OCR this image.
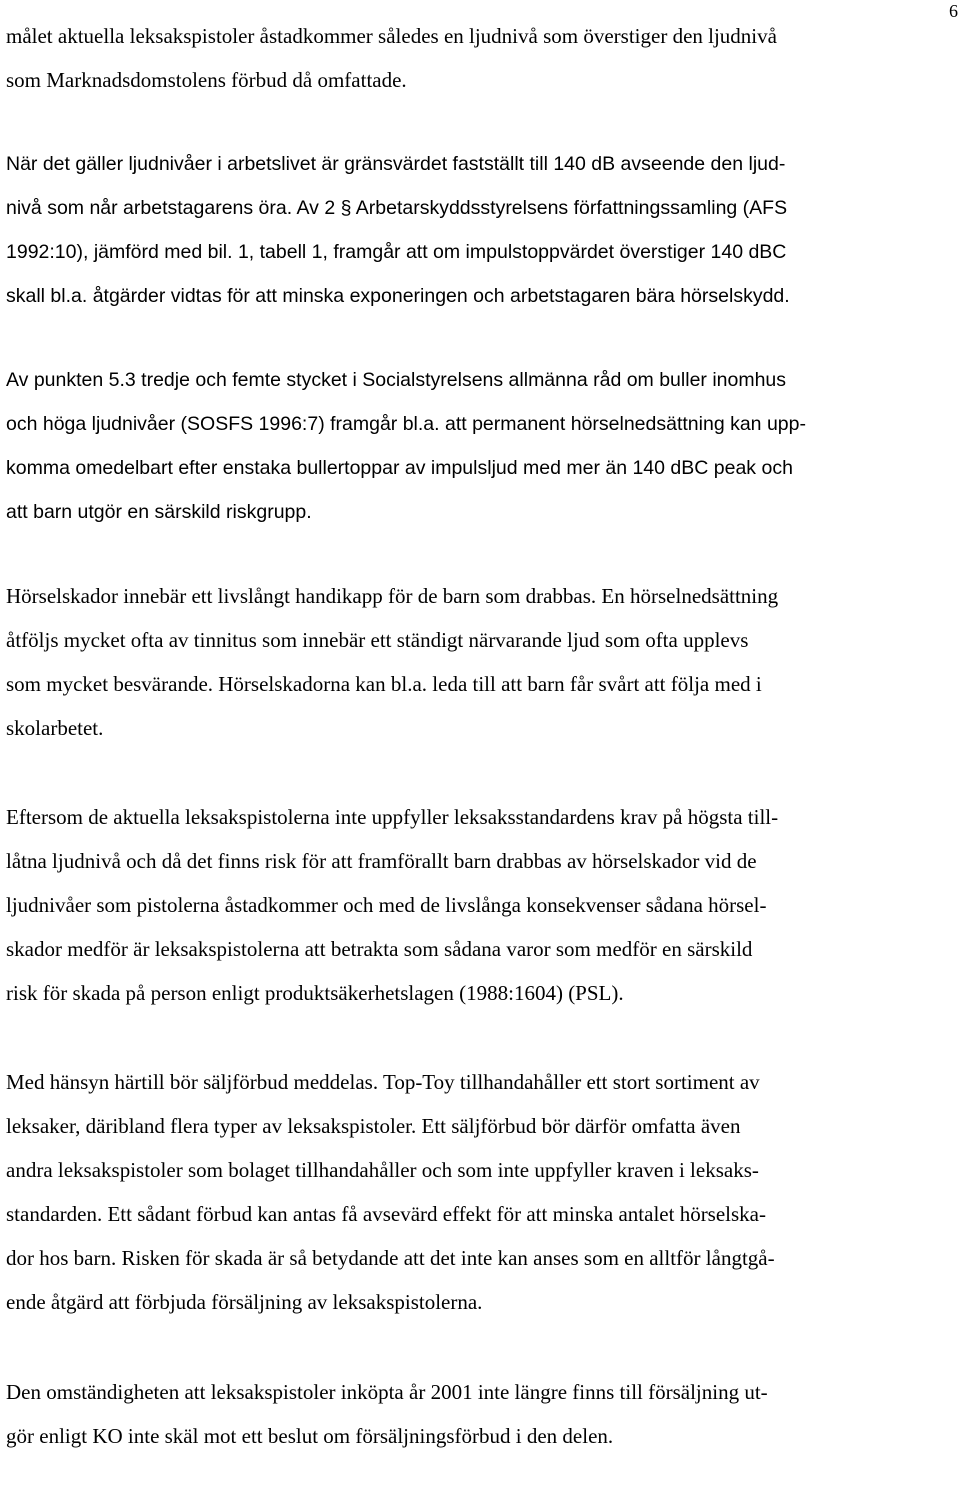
6

målet aktuella leksakspistoler åstadkommer således en ljudnivå som överstiger den ljudnivå
som Marknadsdomstolens förbud då omfattade.

När det gäller ljudnivåer i arbetslivet är gränsvärdet fastställt till 140 dB avseende den ljud-
nivå som når arbetstagarens öra. Av 2 § Arbetarskyddsstyrelsens författningssamling (AFS
1992:10), jämförd med bil. 1, tabell 1, framgår att om impulstoppvärdet överstiger 140 dBC
skall bl.a. åtgärder vidtas för att minska exponeringen och arbetstagaren bära hörselskydd.

Av punkten 5.3 tredje och femte stycket i Socialstyrelsens allmänna råd om buller inomhus
och höga ljudnivåer (SOSFS 1996:7) framgår bl.a. att permanent hörselnedsättning kan upp-
komma omedelbart efter enstaka bullertoppar av impulsljud med mer än 140 dBC peak och
att barn utgör en särskild riskgrupp.

Hörselskador innebär ett livslångt handikapp för de barn som drabbas. En hörselnedsättning
åtföljs mycket ofta av tinnitus som innebär ett ständigt närvarande ljud som ofta upplevs
som mycket besvärande. Hörselskadorna kan bl.a. leda till att barn får svårt att följa med i
skolarbetet.

Eftersom de aktuella leksakspistolerna inte uppfyller leksaksstandardens krav på högsta till-
låtna ljudnivå och då det finns risk för att framförallt barn drabbas av hörselskador vid de
ljudnivåer som pistolerna åstadkommer och med de livslånga konsekvenser sådana hörsel-
skador medför är leksakspistolerna att betrakta som sådana varor som medför en särskild
risk för skada på person enligt produktsäkerhetslagen (1988:1604) (PSL).

Med hänsyn härtill bör säljförbud meddelas. Top-Toy tillhandahåller ett stort sortiment av
leksaker, däribland flera typer av leksakspistoler. Ett säljförbud bör därför omfatta även
andra leksakspistoler som bolaget tillhandahåller och som inte uppfyller kraven i leksaks-
standarden. Ett sådant förbud kan antas få avsevärd effekt för att minska antalet hörselska-
dor hos barn. Risken för skada är så betydande att det inte kan anses som en alltför långtgå-
ende åtgärd att förbjuda försäljning av leksakspistolerna.

Den omständigheten att leksakspistoler inköpta år 2001 inte längre finns till försäljning ut-
gör enligt KO inte skäl mot ett beslut om försäljningsförbud i den delen.
